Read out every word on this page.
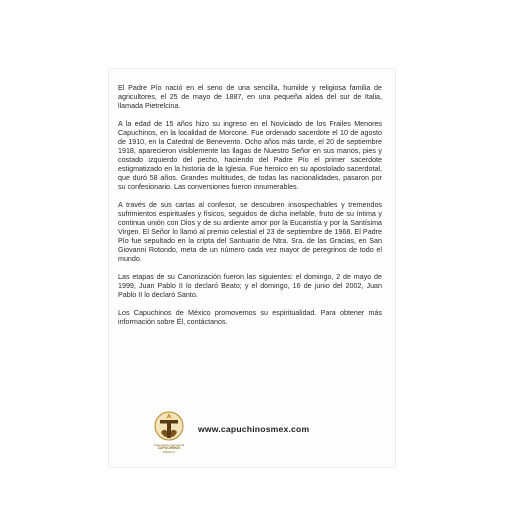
El Padre Pío nació en el seno de una sencilla, humilde y religiosa familia de agricultores, el 25 de mayo de 1887, en una pequeña aldea del sur de Italia, llamada Pietrelcina.

A la edad de 15 años hizo su ingreso en el Noviciado de los Frailes Menores Capuchinos, en la localidad de Morcone. Fue ordenado sacerdote el 10 de agosto de 1910, en la Catedral de Benevento. Ocho años más tarde, el 20 de septiembre 1918, aparecieron visiblemente las llagas de Nuestro Señor en sus manos, pies y costado izquierdo del pecho, haciendo del Padre Pío el primer sacerdote estigmatizado en la historia de la Iglesia. Fue heroico en su apostolado sacerdotal, que duró 58 años. Grandes multitudes, de todas las nacionalidades, pasaron por su confesionario. Las conversiones fueron innumerables.

A través de sus cartas al confesor, se descubren insospechables y tremendos sufrimientos espirituales y físicos, seguidos de dicha inefable, fruto de su íntima y continua unión con Dios y de su ardiente amor por la Eucaristía y por la Santísima Virgen. El Señor lo llamó al premio celestial el 23 de septiembre de 1968. El Padre Pío fue sepultado en la cripta del Santuario de Ntra. Sra. de las Gracias, en San Giovanni Rotondo, meta de un número cada vez mayor de peregrinos de todo el mundo.

Las etapas de su Canonización fueron las siguientes: el domingo, 2 de mayo de 1999, Juan Pablo II lo declaró Beato; y el domingo, 16 de junio del 2002, Juan Pablo II lo declaró Santo.

Los Capuchinos de México promovemos su espiritualidad. Para obtener más información sobre Él, contáctanos.

Federación Capuchina
CAPUCHINOS
MÉXICO
www.capuchinosmex.com
